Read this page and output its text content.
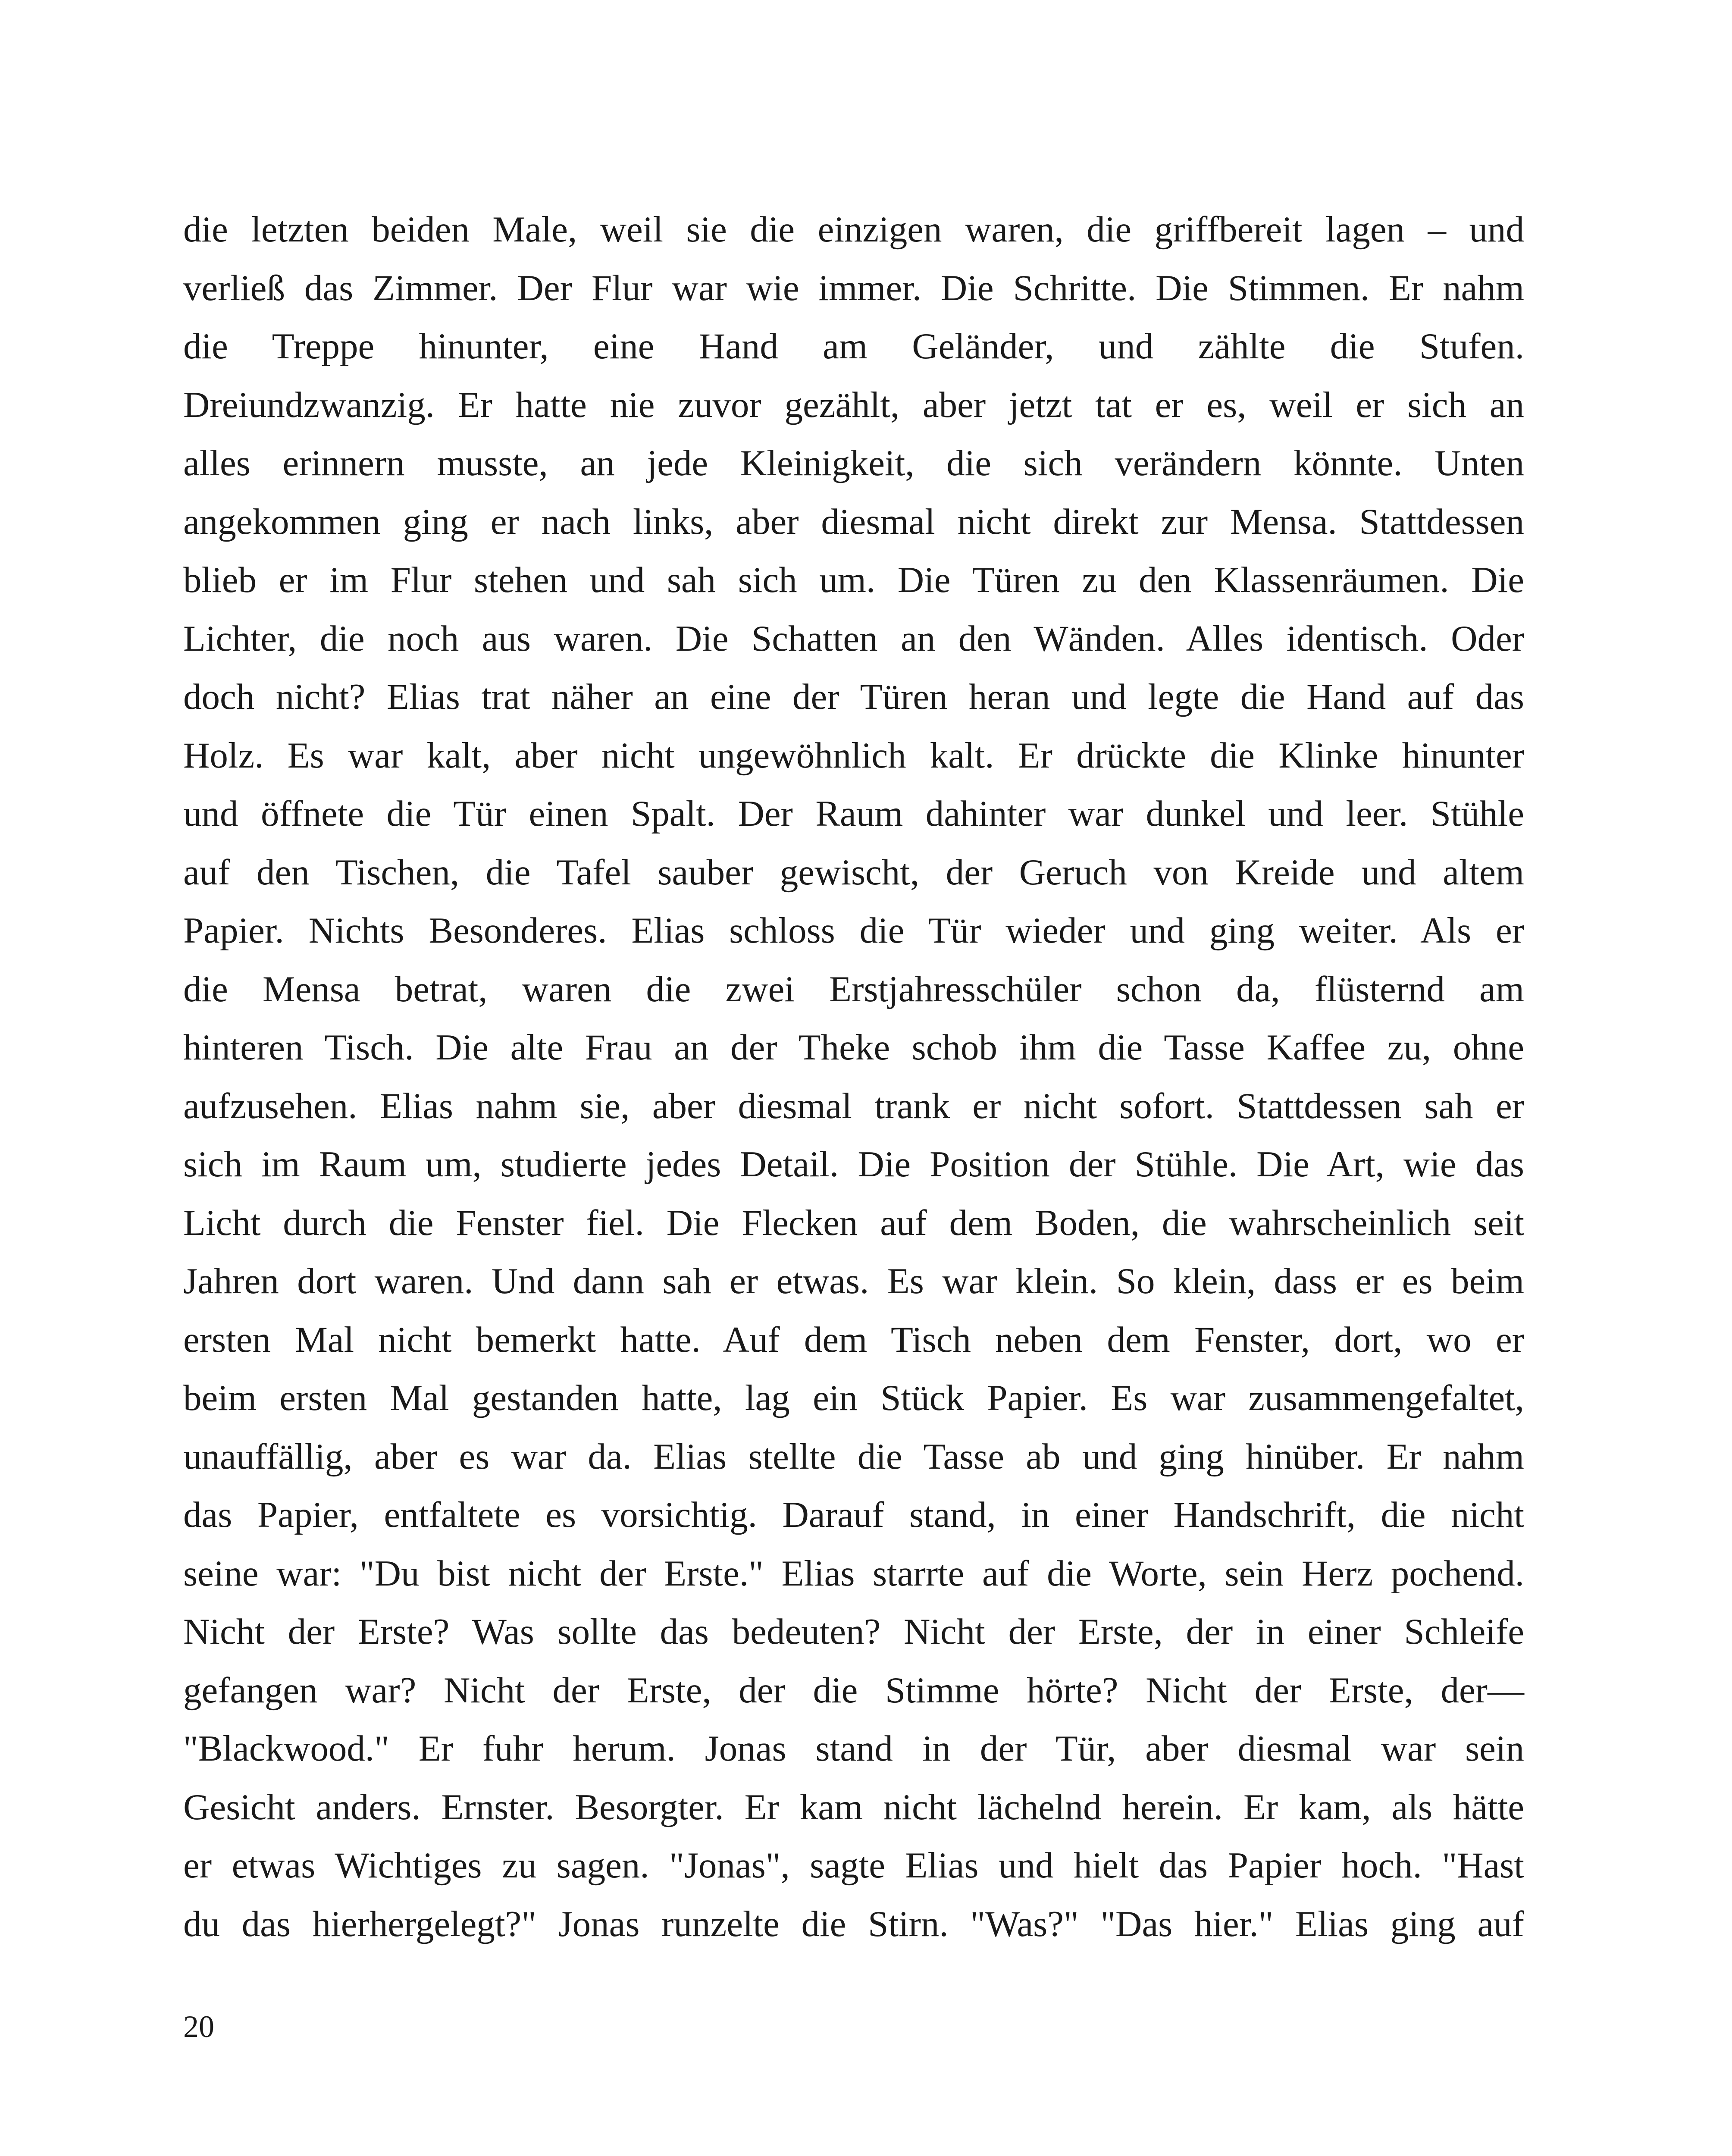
die letzten beiden Male, weil sie die einzigen waren, die griffbereit lagen – und
verließ das Zimmer. Der Flur war wie immer. Die Schritte. Die Stimmen. Er nahm
die Treppe hinunter, eine Hand am Geländer, und zählte die Stufen.
Dreiundzwanzig. Er hatte nie zuvor gezählt, aber jetzt tat er es, weil er sich an
alles erinnern musste, an jede Kleinigkeit, die sich verändern könnte. Unten
angekommen ging er nach links, aber diesmal nicht direkt zur Mensa. Stattdessen
blieb er im Flur stehen und sah sich um. Die Türen zu den Klassenräumen. Die
Lichter, die noch aus waren. Die Schatten an den Wänden. Alles identisch. Oder
doch nicht? Elias trat näher an eine der Türen heran und legte die Hand auf das
Holz. Es war kalt, aber nicht ungewöhnlich kalt. Er drückte die Klinke hinunter
und öffnete die Tür einen Spalt. Der Raum dahinter war dunkel und leer. Stühle
auf den Tischen, die Tafel sauber gewischt, der Geruch von Kreide und altem
Papier. Nichts Besonderes. Elias schloss die Tür wieder und ging weiter. Als er
die Mensa betrat, waren die zwei Erstjahresschüler schon da, flüsternd am
hinteren Tisch. Die alte Frau an der Theke schob ihm die Tasse Kaffee zu, ohne
aufzusehen. Elias nahm sie, aber diesmal trank er nicht sofort. Stattdessen sah er
sich im Raum um, studierte jedes Detail. Die Position der Stühle. Die Art, wie das
Licht durch die Fenster fiel. Die Flecken auf dem Boden, die wahrscheinlich seit
Jahren dort waren. Und dann sah er etwas. Es war klein. So klein, dass er es beim
ersten Mal nicht bemerkt hatte. Auf dem Tisch neben dem Fenster, dort, wo er
beim ersten Mal gestanden hatte, lag ein Stück Papier. Es war zusammengefaltet,
unauffällig, aber es war da. Elias stellte die Tasse ab und ging hinüber. Er nahm
das Papier, entfaltete es vorsichtig. Darauf stand, in einer Handschrift, die nicht
seine war: "Du bist nicht der Erste." Elias starrte auf die Worte, sein Herz pochend.
Nicht der Erste? Was sollte das bedeuten? Nicht der Erste, der in einer Schleife
gefangen war? Nicht der Erste, der die Stimme hörte? Nicht der Erste, der—
"Blackwood." Er fuhr herum. Jonas stand in der Tür, aber diesmal war sein
Gesicht anders. Ernster. Besorgter. Er kam nicht lächelnd herein. Er kam, als hätte
er etwas Wichtiges zu sagen. "Jonas", sagte Elias und hielt das Papier hoch. "Hast
du das hierhergelegt?" Jonas runzelte die Stirn. "Was?" "Das hier." Elias ging auf
20
